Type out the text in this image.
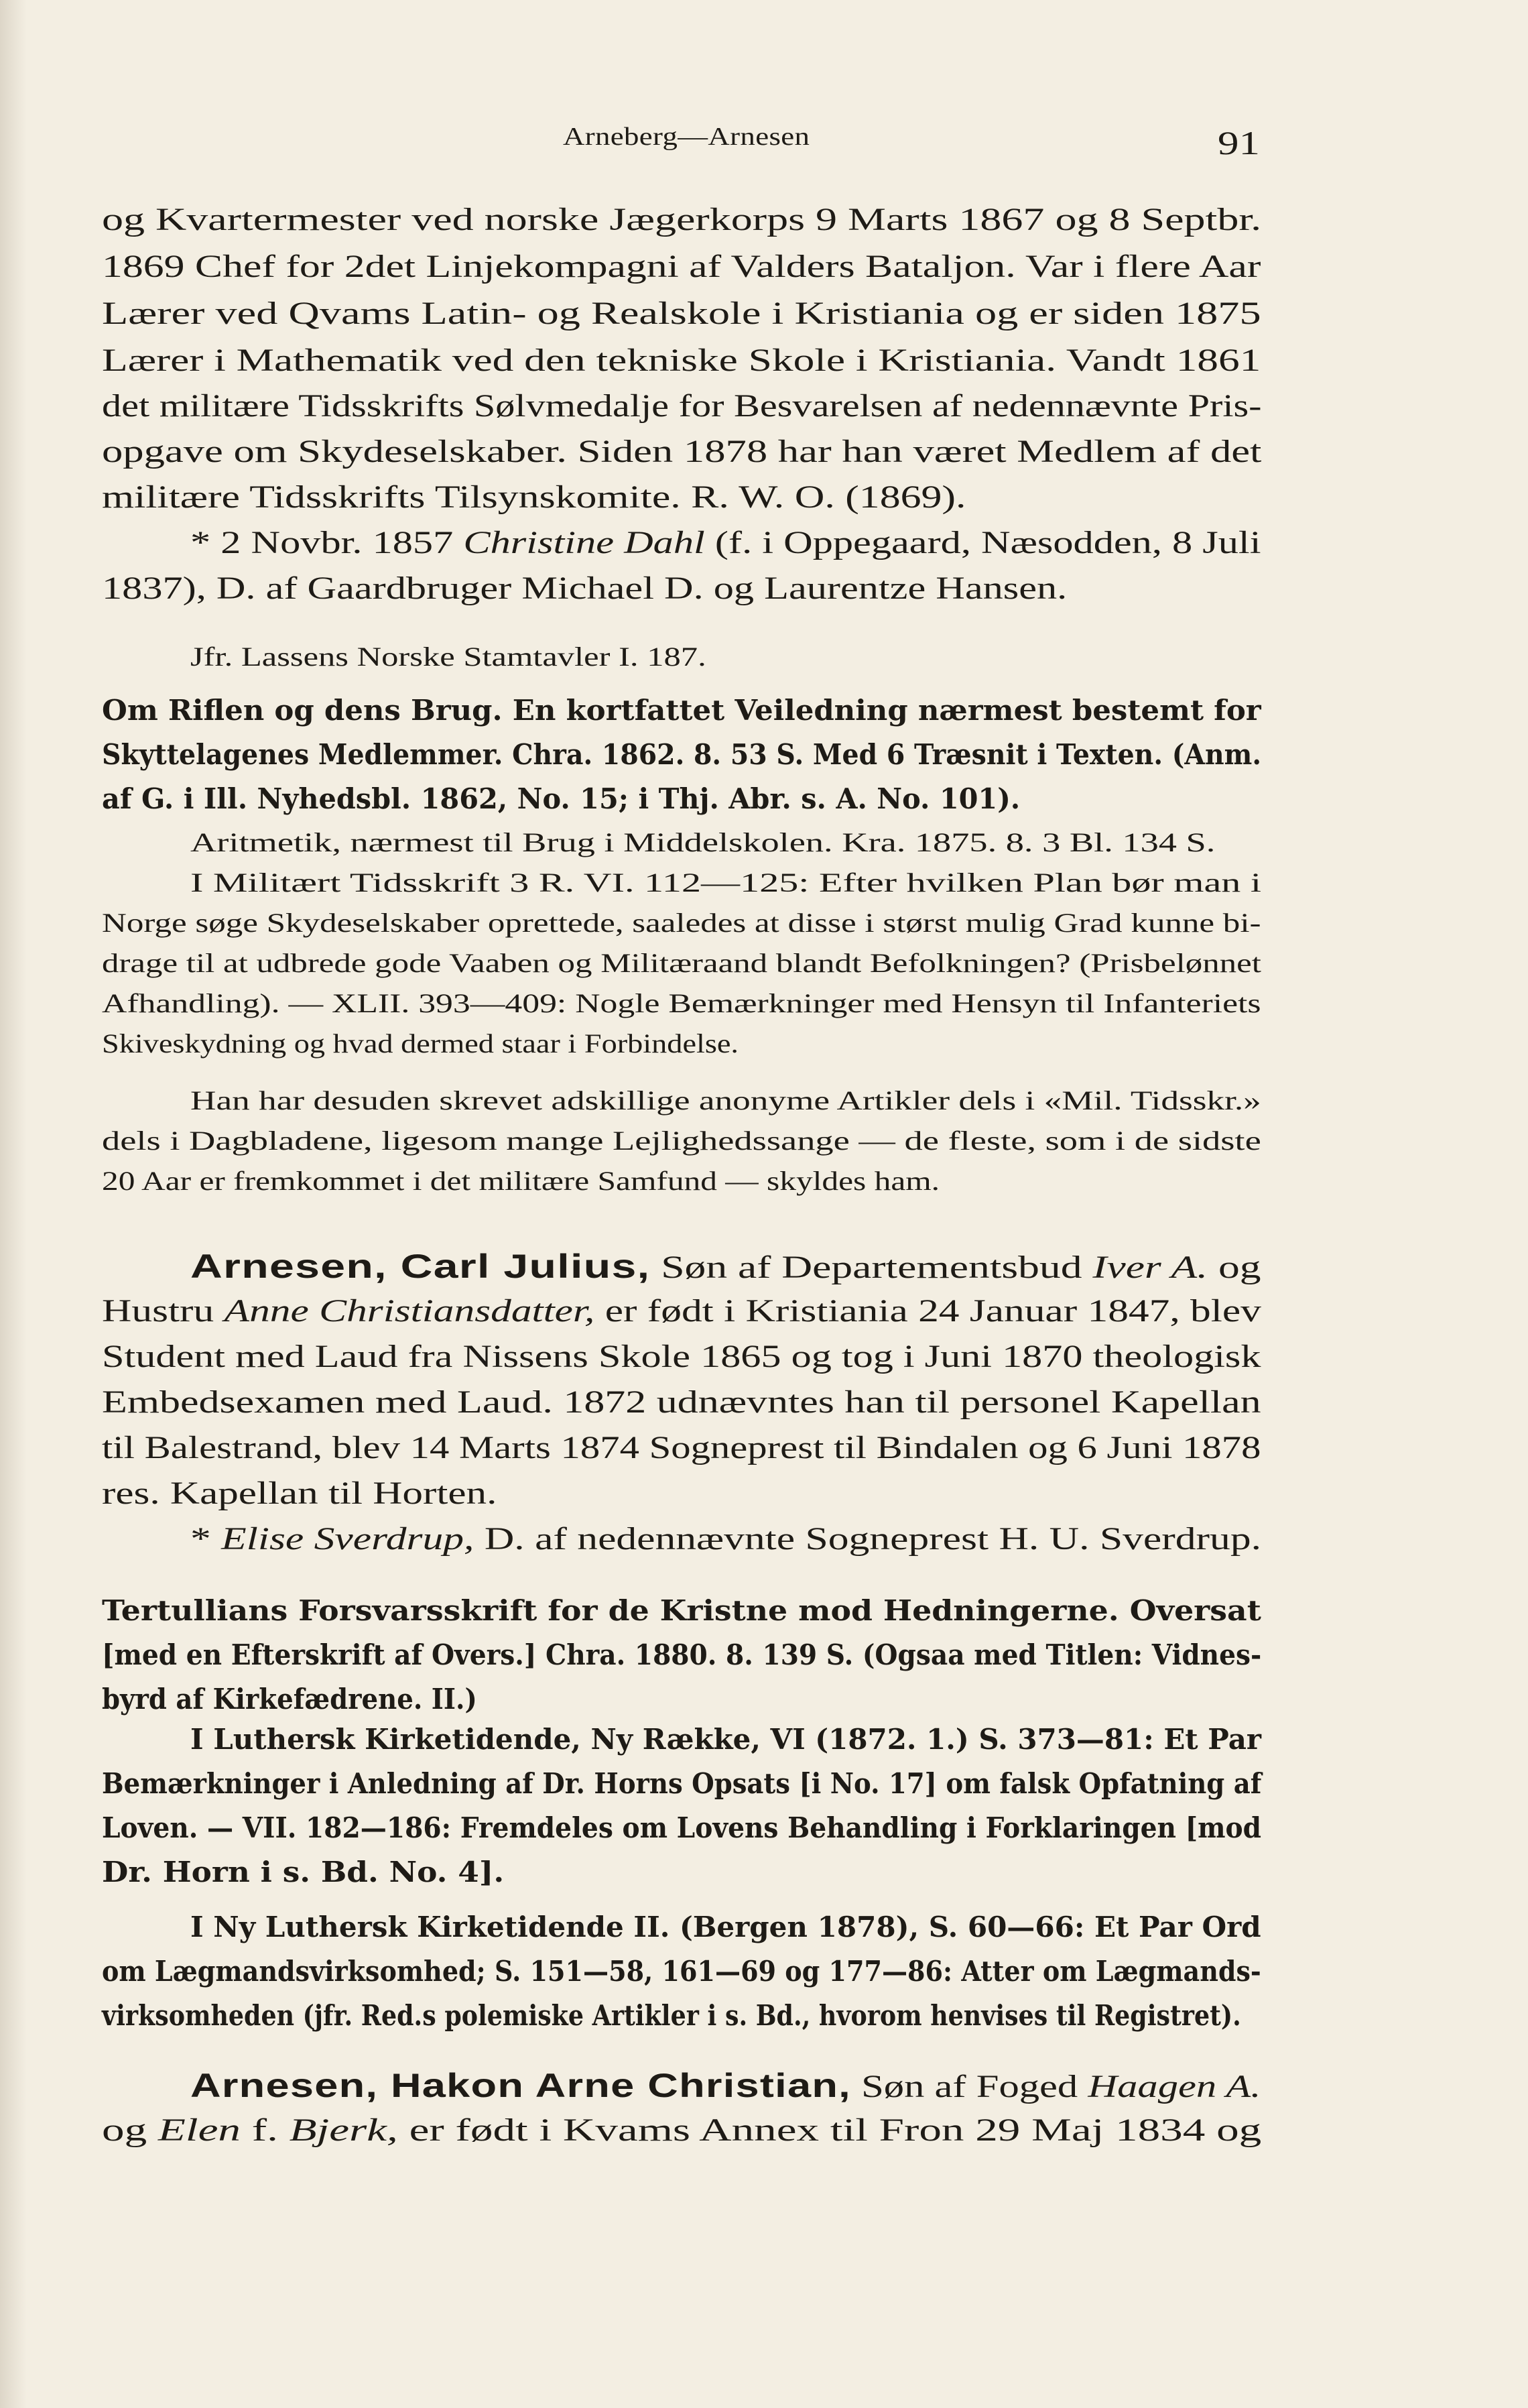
Arneberg—Arnesen	91
og Kvartermester ved norske Jægerkorps 9 Marts 1867 og 8 Septbr.
1869 Chef for 2det Linjekompagni af Valders Bataljon. Var i flere Aar
Lærer ved Qvams Latin- og Realskole i Kristiania og er siden 1875
Lærer i Mathematik ved den tekniske Skole i Kristiania. Vandt 1861
det militære Tidsskrifts Sølvmedalje for Besvarelsen af nedennævnte Pris-
opgave om Skydeselskaber. Siden 1878 har han været Medlem af det
militære Tidsskrifts Tilsynskomite. R. W. O. (1869).
* 2 Novbr. 1857 Christine Dahl (f. i Oppegaard, Næsodden, 8 Juli
1837), D. af Gaardbruger Michael D. og Laurentze Hansen.
Jfr. Lassens Norske Stamtavler I. 187.
Om Riflen og dens Brug. En kortfattet Veiledning nærmest bestemt for
Skyttelagenes Medlemmer. Chra. 1862. 8. 53 S. Med 6 Træsnit i Texten. (Anm.
af G. i Ill. Nyhedsbl. 1862, No. 15; i Thj. Abr. s. A. No. 101).
Aritmetik, nærmest til Brug i Middelskolen. Kra. 1875. 8. 3 Bl. 134 S.
I Militært Tidsskrift 3 R. VI. 112—125: Efter hvilken Plan bør man i
Norge søge Skydeselskaber oprettede, saaledes at disse i størst mulig Grad kunne bi-
drage til at udbrede gode Vaaben og Militæraand blandt Befolkningen? (Prisbelønnet
Afhandling). — XLII. 393—409: Nogle Bemærkninger med Hensyn til Infanteriets
Skiveskydning og hvad dermed staar i Forbindelse.
Han har desuden skrevet adskillige anonyme Artikler dels i «Mil. Tidsskr.»
dels i Dagbladene, ligesom mange Lejlighedssange — de fleste, som i de sidste
20 Aar er fremkommet i det militære Samfund — skyldes ham.
Arnesen, Carl Julius, Søn af Departementsbud Iver A. og
Hustru Anne Christiansdatter, er født i Kristiania 24 Januar 1847, blev
Student med Laud fra Nissens Skole 1865 og tog i Juni 1870 theologisk
Embedsexamen med Laud. 1872 udnævntes han til personel Kapellan
til Balestrand, blev 14 Marts 1874 Sogneprest til Bindalen og 6 Juni 1878
res. Kapellan til Horten.
* Elise Sverdrup, D. af nedennævnte Sogneprest H. U. Sverdrup.
Tertullians Forsvarsskrift for de Kristne mod Hedningerne. Oversat
[med en Efterskrift af Overs.] Chra. 1880. 8. 139 S. (Ogsaa med Titlen: Vidnes-
byrd af Kirkefædrene. II.)
I Luthersk Kirketidende, Ny Række, VI (1872. 1.) S. 373—81: Et Par
Bemærkninger i Anledning af Dr. Horns Opsats [i No. 17] om falsk Opfatning af
Loven. — VII. 182—186: Fremdeles om Lovens Behandling i Forklaringen [mod
Dr. Horn i s. Bd. No. 4].
I Ny Luthersk Kirketidende II. (Bergen 1878), S. 60—66: Et Par Ord
om Lægmandsvirksomhed; S. 151—58, 161—69 og 177—86: Atter om Lægmands-
virksomheden (jfr. Red.s polemiske Artikler i s. Bd., hvorom henvises til Registret).
Arnesen, Hakon Arne Christian, Søn af Foged Haagen A.
og Elen f. Bjerk, er født i Kvams Annex til Fron 29 Maj 1834 og
